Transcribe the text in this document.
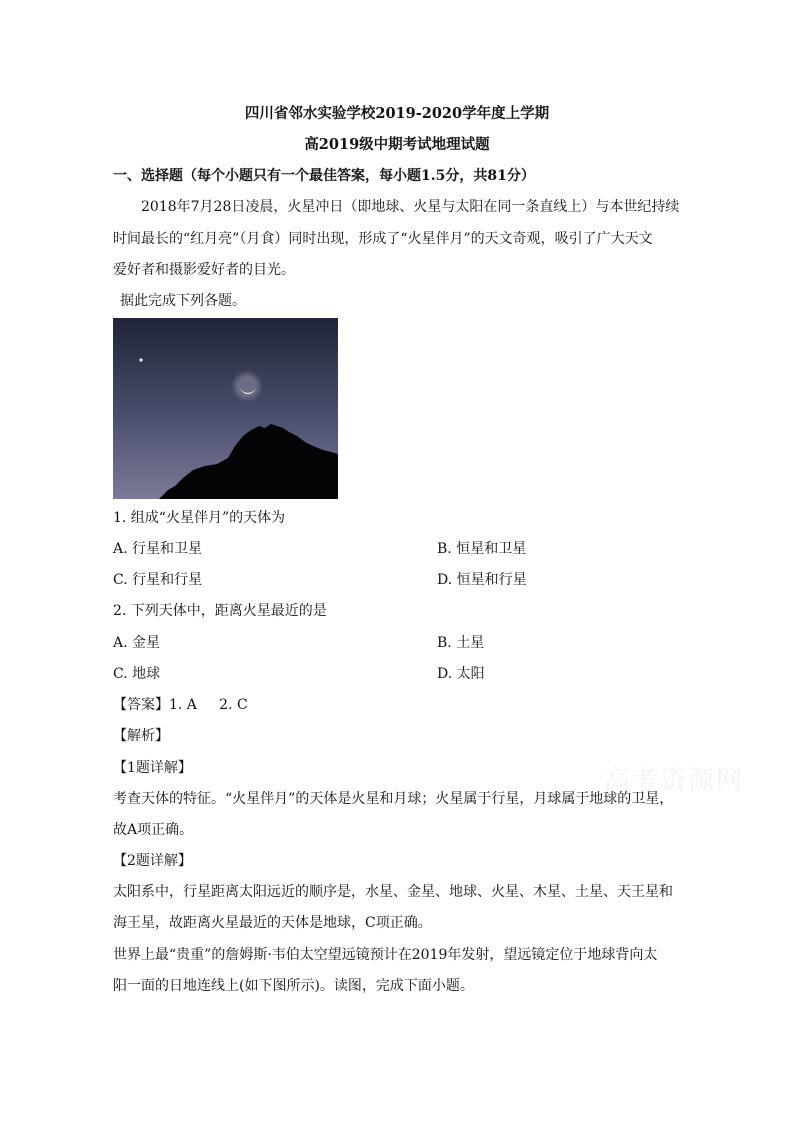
四川省邻水实验学校2019-2020学年度上学期
高2019级中期考试地理试题
一、选择题（每个小题只有一个最佳答案，每小题1.5分，共81分）
2018年7月28日凌晨，火星冲日（即地球、火星与太阳在同一条直线上）与本世纪持续
时间最长的“红月亮”（月食）同时出现，形成了“火星伴月”的天文奇观，吸引了广大天文
爱好者和摄影爱好者的目光。
据此完成下列各题。
1. 组成“火星伴月”的天体为
A. 行星和卫星	B. 恒星和卫星
C. 行星和行星	D. 恒星和行星
2. 下列天体中，距离火星最近的是
A. 金星	B. 土星
C. 地球	D. 太阳
【答案】1. A     2. C
【解析】
【1题详解】
考查天体的特征。“火星伴月”的天体是火星和月球；火星属于行星，月球属于地球的卫星，
故A项正确。
【2题详解】
太阳系中，行星距离太阳远近的顺序是，水星、金星、地球、火星、木星、土星、天王星和
海王星，故距离火星最近的天体是地球，C项正确。
世界上最“贵重”的詹姆斯·韦伯太空望远镜预计在2019年发射，望远镜定位于地球背向太
阳一面的日地连线上(如下图所示)。读图，完成下面小题。
高考资源网
